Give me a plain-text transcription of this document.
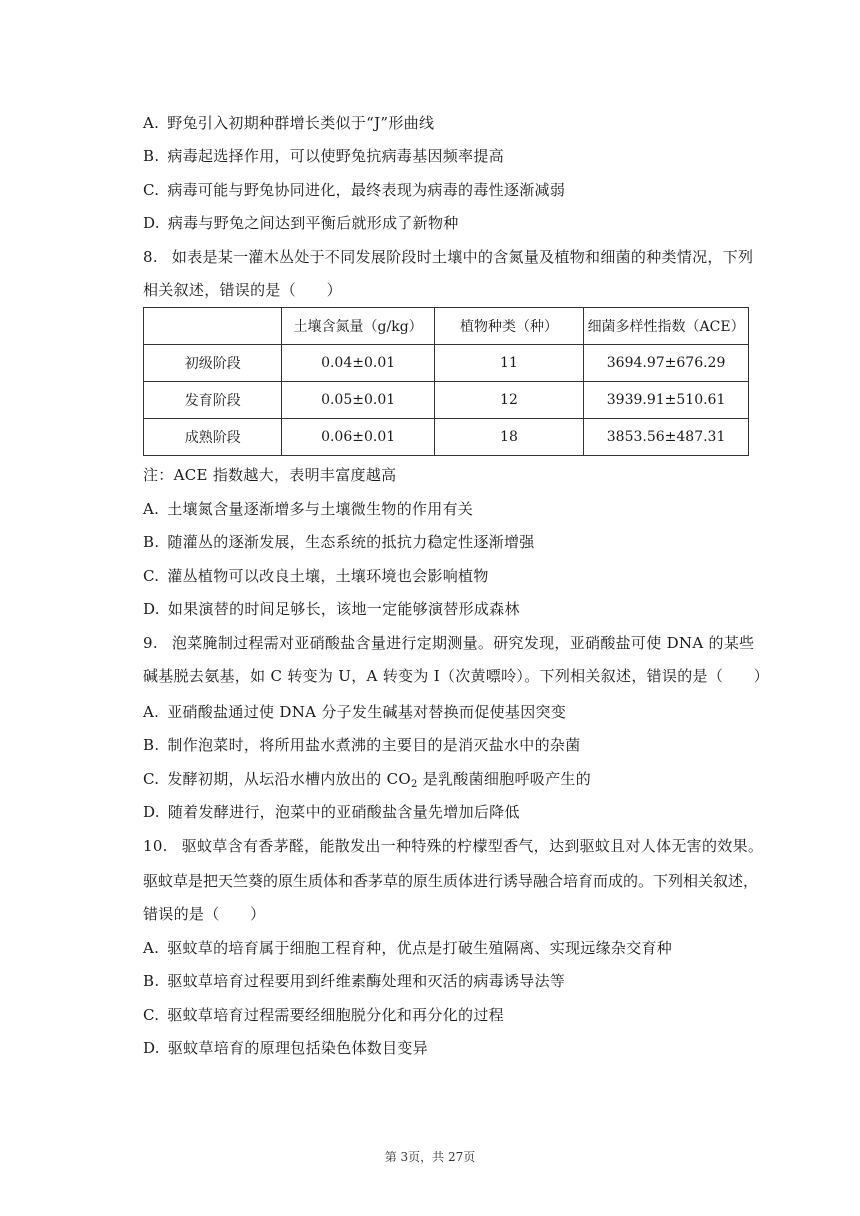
A. 野兔引入初期种群增长类似于“J”形曲线
B. 病毒起选择作用，可以使野兔抗病毒基因频率提高
C. 病毒可能与野兔协同进化，最终表现为病毒的毒性逐渐减弱
D. 病毒与野兔之间达到平衡后就形成了新物种
8. 如表是某一灌木丛处于不同发展阶段时土壤中的含氮量及植物和细菌的种类情况，下列
相关叙述，错误的是（　　）
	土壤含氮量（g/kg）	植物种类（种）	细菌多样性指数（ACE）
初级阶段	0.04±0.01	11	3694.97±676.29
发育阶段	0.05±0.01	12	3939.91±510.61
成熟阶段	0.06±0.01	18	3853.56±487.31
注：ACE 指数越大，表明丰富度越高
A. 土壤氮含量逐渐增多与土壤微生物的作用有关
B. 随灌丛的逐渐发展，生态系统的抵抗力稳定性逐渐增强
C. 灌丛植物可以改良土壤，土壤环境也会影响植物
D. 如果演替的时间足够长，该地一定能够演替形成森林
9. 泡菜腌制过程需对亚硝酸盐含量进行定期测量。研究发现，亚硝酸盐可使 DNA 的某些
碱基脱去氨基，如 C 转变为 U，A 转变为 I（次黄嘌呤）。下列相关叙述，错误的是（　　）
A. 亚硝酸盐通过使 DNA 分子发生碱基对替换而促使基因突变
B. 制作泡菜时，将所用盐水煮沸的主要目的是消灭盐水中的杂菌
C. 发酵初期，从坛沿水槽内放出的 $CO_2$ 是乳酸菌细胞呼吸产生的
D. 随着发酵进行，泡菜中的亚硝酸盐含量先增加后降低
10. 驱蚊草含有香茅醛，能散发出一种特殊的柠檬型香气，达到驱蚊且对人体无害的效果。
驱蚊草是把天竺葵的原生质体和香茅草的原生质体进行诱导融合培育而成的。下列相关叙述，
错误的是（　　）
A. 驱蚊草的培育属于细胞工程育种，优点是打破生殖隔离、实现远缘杂交育种
B. 驱蚊草培育过程要用到纤维素酶处理和灭活的病毒诱导法等
C. 驱蚊草培育过程需要经细胞脱分化和再分化的过程
D. 驱蚊草培育的原理包括染色体数目变异
第 3页，共 27页
